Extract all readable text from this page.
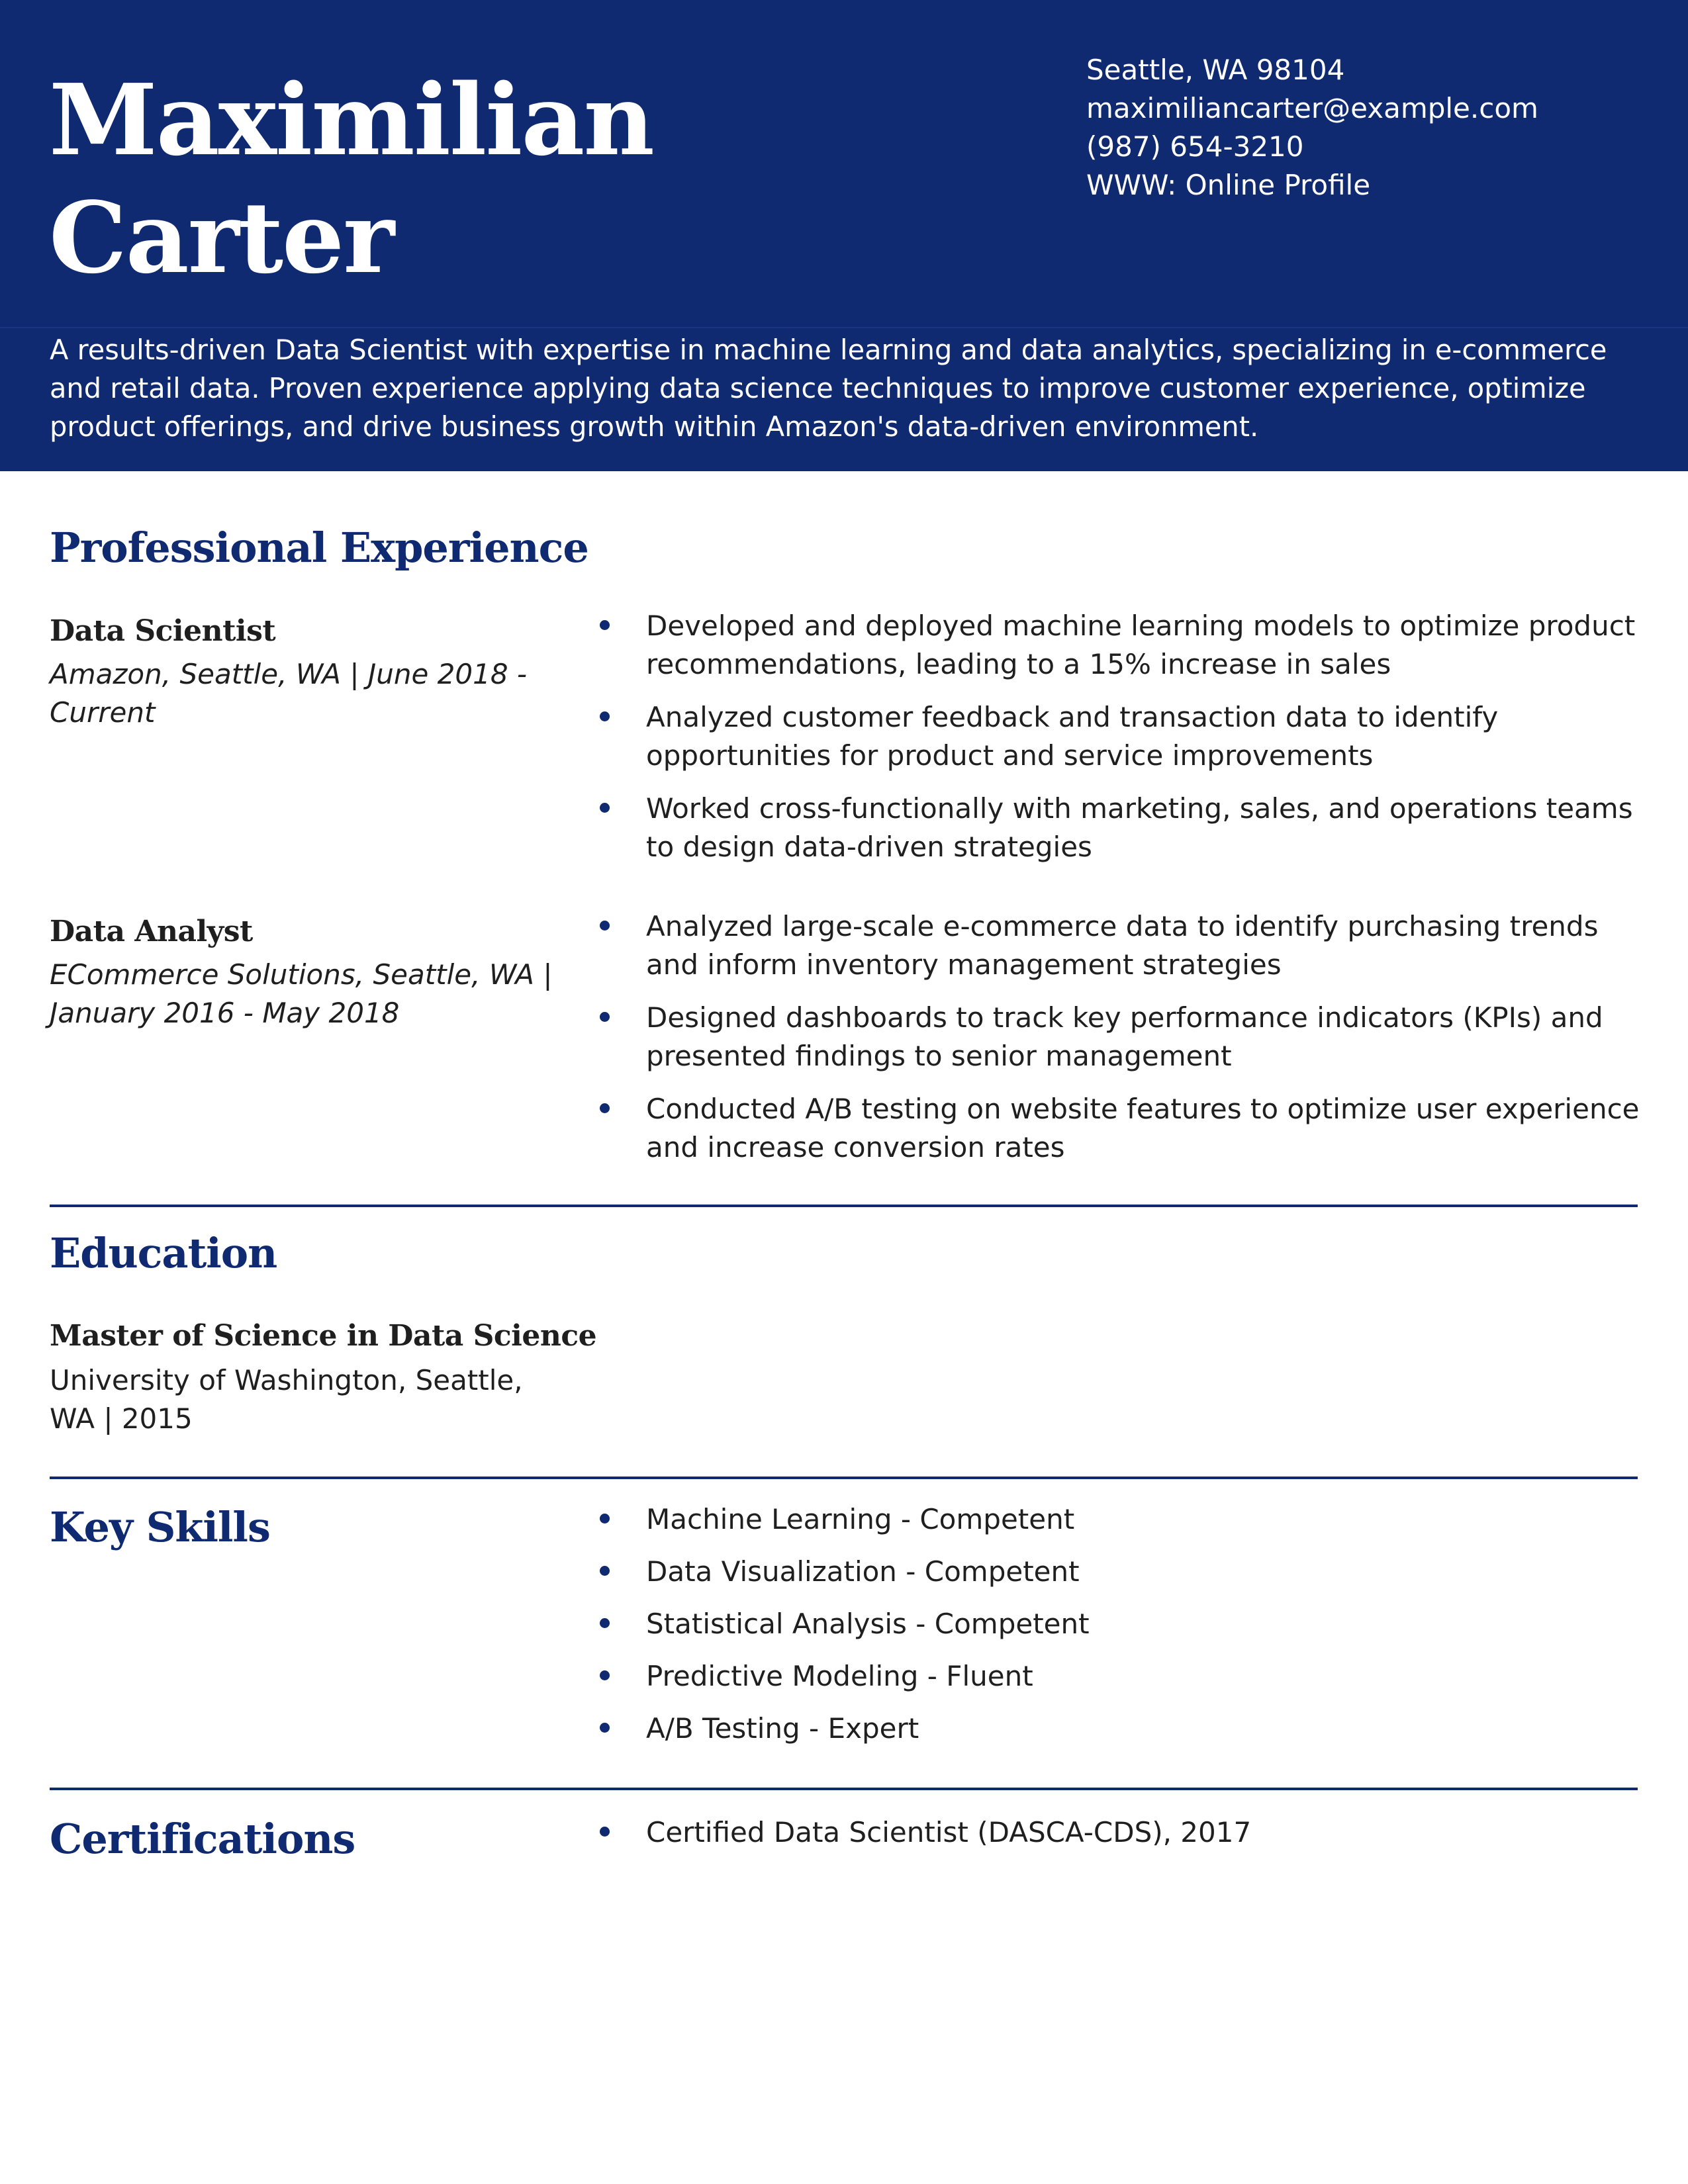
Maximilian
Carter
Seattle, WA 98104
maximiliancarter@example.com
(987) 654-3210
WWW: Online Profile
A results-driven Data Scientist with expertise in machine learning and data analytics, specializing in e-commerce and retail data. Proven experience applying data science techniques to improve customer experience, optimize product offerings, and drive business growth within Amazon's data-driven environment.
Professional Experience
Data Scientist
Amazon, Seattle, WA | June 2018 - Current
Developed and deployed machine learning models to optimize product recommendations, leading to a 15% increase in sales
Analyzed customer feedback and transaction data to identify opportunities for product and service improvements
Worked cross-functionally with marketing, sales, and operations teams to design data-driven strategies
Data Analyst
ECommerce Solutions, Seattle, WA | January 2016 - May 2018
Analyzed large-scale e-commerce data to identify purchasing trends and inform inventory management strategies
Designed dashboards to track key performance indicators (KPIs) and presented findings to senior management
Conducted A/B testing on website features to optimize user experience and increase conversion rates
Education
Master of Science in Data Science
University of Washington, Seattle, WA | 2015
Key Skills	Machine Learning - Competent
Data Visualization - Competent
Statistical Analysis - Competent
Predictive Modeling - Fluent
A/B Testing - Expert
Certifications	Certified Data Scientist (DASCA-CDS), 2017
